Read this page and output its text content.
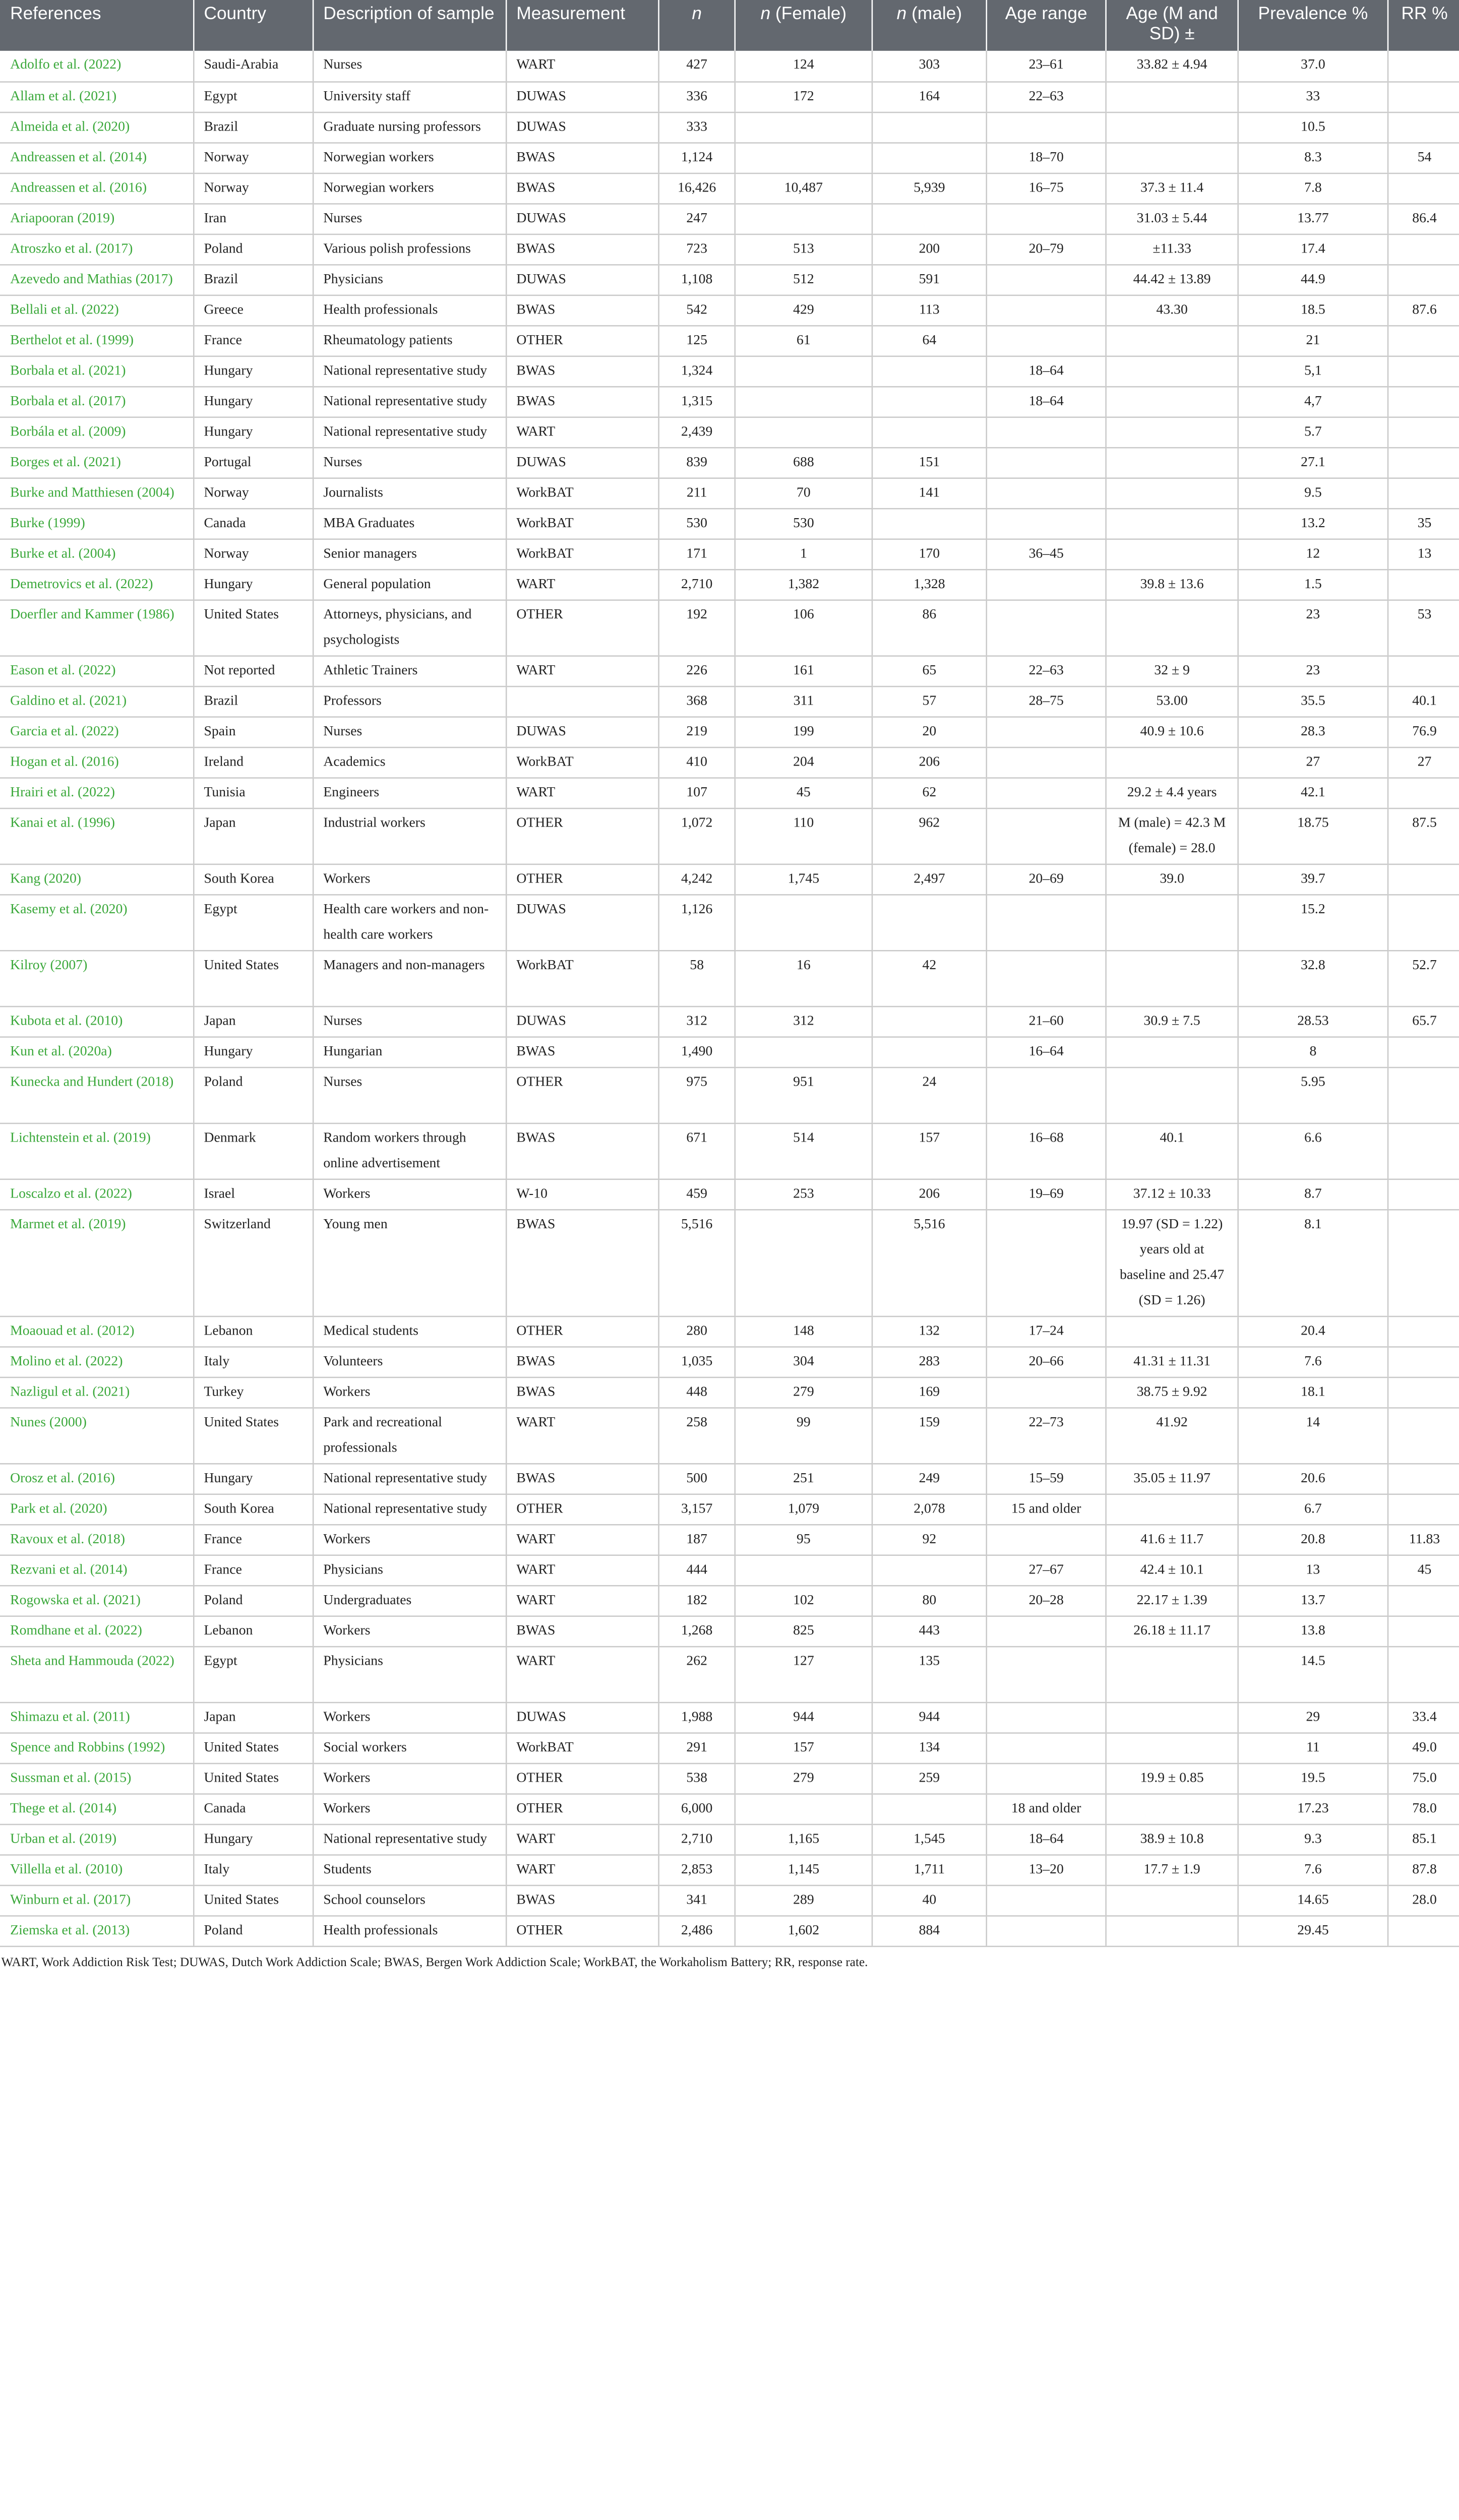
References	Country	Description of sample	Measurement	n	n (Female)	n (male)	Age range	Age (M and SD) ±	Prevalence %	RR %
Adolfo et al. (2022)	Saudi-Arabia	Nurses	WART	427	124	303	23–61	33.82 ± 4.94	37.0	
Allam et al. (2021)	Egypt	University staff	DUWAS	336	172	164	22–63		33	
Almeida et al. (2020)	Brazil	Graduate nursing professors	DUWAS	333					10.5	
Andreassen et al. (2014)	Norway	Norwegian workers	BWAS	1,124			18–70		8.3	54
Andreassen et al. (2016)	Norway	Norwegian workers	BWAS	16,426	10,487	5,939	16–75	37.3 ± 11.4	7.8	
Ariapooran (2019)	Iran	Nurses	DUWAS	247				31.03 ± 5.44	13.77	86.4
Atroszko et al. (2017)	Poland	Various polish professions	BWAS	723	513	200	20–79	±11.33	17.4	
Azevedo and Mathias (2017)	Brazil	Physicians	DUWAS	1,108	512	591		44.42 ± 13.89	44.9	
Bellali et al. (2022)	Greece	Health professionals	BWAS	542	429	113		43.30	18.5	87.6
Berthelot et al. (1999)	France	Rheumatology patients	OTHER	125	61	64			21	
Borbala et al. (2021)	Hungary	National representative study	BWAS	1,324			18–64		5,1	
Borbala et al. (2017)	Hungary	National representative study	BWAS	1,315			18–64		4,7	
Borbála et al. (2009)	Hungary	National representative study	WART	2,439					5.7	
Borges et al. (2021)	Portugal	Nurses	DUWAS	839	688	151			27.1	
Burke and Matthiesen (2004)	Norway	Journalists	WorkBAT	211	70	141			9.5	
Burke (1999)	Canada	MBA Graduates	WorkBAT	530	530				13.2	35
Burke et al. (2004)	Norway	Senior managers	WorkBAT	171	1	170	36–45		12	13
Demetrovics et al. (2022)	Hungary	General population	WART	2,710	1,382	1,328		39.8 ± 13.6	1.5	
Doerfler and Kammer (1986)	United States	Attorneys, physicians, and psychologists	OTHER	192	106	86			23	53
Eason et al. (2022)	Not reported	Athletic Trainers	WART	226	161	65	22–63	32 ± 9	23	
Galdino et al. (2021)	Brazil	Professors		368	311	57	28–75	53.00	35.5	40.1
Garcia et al. (2022)	Spain	Nurses	DUWAS	219	199	20		40.9 ± 10.6	28.3	76.9
Hogan et al. (2016)	Ireland	Academics	WorkBAT	410	204	206			27	27
Hrairi et al. (2022)	Tunisia	Engineers	WART	107	45	62		29.2 ± 4.4 years	42.1	
Kanai et al. (1996)	Japan	Industrial workers	OTHER	1,072	110	962		M (male) = 42.3 M (female) = 28.0	18.75	87.5
Kang (2020)	South Korea	Workers	OTHER	4,242	1,745	2,497	20–69	39.0	39.7	
Kasemy et al. (2020)	Egypt	Health care workers and non-health care workers	DUWAS	1,126					15.2	
Kilroy (2007)	United States	Managers and non-managers	WorkBAT	58	16	42			32.8	52.7
Kubota et al. (2010)	Japan	Nurses	DUWAS	312	312		21–60	30.9 ± 7.5	28.53	65.7
Kun et al. (2020a)	Hungary	Hungarian	BWAS	1,490			16–64		8	
Kunecka and Hundert (2018)	Poland	Nurses	OTHER	975	951	24			5.95	
Lichtenstein et al. (2019)	Denmark	Random workers through online advertisement	BWAS	671	514	157	16–68	40.1	6.6	
Loscalzo et al. (2022)	Israel	Workers	W-10	459	253	206	19–69	37.12 ± 10.33	8.7	
Marmet et al. (2019)	Switzerland	Young men	BWAS	5,516		5,516		19.97 (SD = 1.22) years old at baseline and 25.47 (SD = 1.26)	8.1	
Moaouad et al. (2012)	Lebanon	Medical students	OTHER	280	148	132	17–24		20.4	
Molino et al. (2022)	Italy	Volunteers	BWAS	1,035	304	283	20–66	41.31 ± 11.31	7.6	
Nazligul et al. (2021)	Turkey	Workers	BWAS	448	279	169		38.75 ± 9.92	18.1	
Nunes (2000)	United States	Park and recreational professionals	WART	258	99	159	22–73	41.92	14	
Orosz et al. (2016)	Hungary	National representative study	BWAS	500	251	249	15–59	35.05 ± 11.97	20.6	
Park et al. (2020)	South Korea	National representative study	OTHER	3,157	1,079	2,078	15 and older		6.7	
Ravoux et al. (2018)	France	Workers	WART	187	95	92		41.6 ± 11.7	20.8	11.83
Rezvani et al. (2014)	France	Physicians	WART	444			27–67	42.4 ± 10.1	13	45
Rogowska et al. (2021)	Poland	Undergraduates	WART	182	102	80	20–28	22.17 ± 1.39	13.7	
Romdhane et al. (2022)	Lebanon	Workers	BWAS	1,268	825	443		26.18 ± 11.17	13.8	
Sheta and Hammouda (2022)	Egypt	Physicians	WART	262	127	135			14.5	
Shimazu et al. (2011)	Japan	Workers	DUWAS	1,988	944	944			29	33.4
Spence and Robbins (1992)	United States	Social workers	WorkBAT	291	157	134			11	49.0
Sussman et al. (2015)	United States	Workers	OTHER	538	279	259		19.9 ± 0.85	19.5	75.0
Thege et al. (2014)	Canada	Workers	OTHER	6,000			18 and older		17.23	78.0
Urban et al. (2019)	Hungary	National representative study	WART	2,710	1,165	1,545	18–64	38.9 ± 10.8	9.3	85.1
Villella et al. (2010)	Italy	Students	WART	2,853	1,145	1,711	13–20	17.7 ± 1.9	7.6	87.8
Winburn et al. (2017)	United States	School counselors	BWAS	341	289	40			14.65	28.0
Ziemska et al. (2013)	Poland	Health professionals	OTHER	2,486	1,602	884			29.45	
WART, Work Addiction Risk Test; DUWAS, Dutch Work Addiction Scale; BWAS, Bergen Work Addiction Scale; WorkBAT, the Workaholism Battery; RR, response rate.
